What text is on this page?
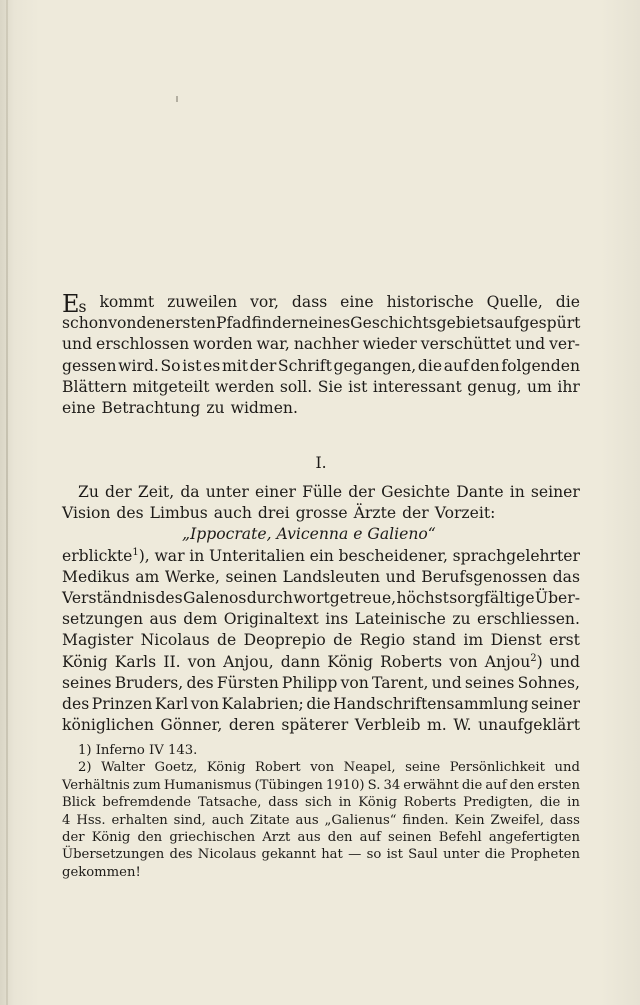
Es kommt zuweilen vor, dass eine historische Quelle, die
schon von den ersten Pfadfindern eines Geschichtsgebiets aufgespürt
und erschlossen worden war, nachher wieder verschüttet und ver-
gessen wird. So ist es mit der Schrift gegangen, die auf den folgenden
Blättern mitgeteilt werden soll. Sie ist interessant genug, um ihr
eine Betrachtung zu widmen.
I.
Zu der Zeit, da unter einer Fülle der Gesichte Dante in seiner
Vision des Limbus auch drei grosse Ärzte der Vorzeit:
„Ippocrate, Avicenna e Galieno“
erblickte$^1$), war in Unteritalien ein bescheidener, sprachgelehrter
Medikus am Werke, seinen Landsleuten und Berufsgenossen das
Verständnis des Galenos durch wortgetreue, höchst sorgfältige Über-
setzungen aus dem Originaltext ins Lateinische zu erschliessen.
Magister Nicolaus de Deoprepio de Regio stand im Dienst erst
König Karls II. von Anjou, dann König Roberts von Anjou$^2$) und
seines Bruders, des Fürsten Philipp von Tarent, und seines Sohnes,
des Prinzen Karl von Kalabrien; die Handschriftensammlung seiner
königlichen Gönner, deren späterer Verbleib m. W. unaufgeklärt
1) Inferno IV 143.
2) Walter Goetz, König Robert von Neapel, seine Persönlichkeit und
Verhältnis zum Humanismus (Tübingen 1910) S. 34 erwähnt die auf den ersten
Blick befremdende Tatsache, dass sich in König Roberts Predigten, die in
4 Hss. erhalten sind, auch Zitate aus „Galienus“ finden. Kein Zweifel, dass
der König den griechischen Arzt aus den auf seinen Befehl angefertigten
Übersetzungen des Nicolaus gekannt hat — so ist Saul unter die Propheten
gekommen!
